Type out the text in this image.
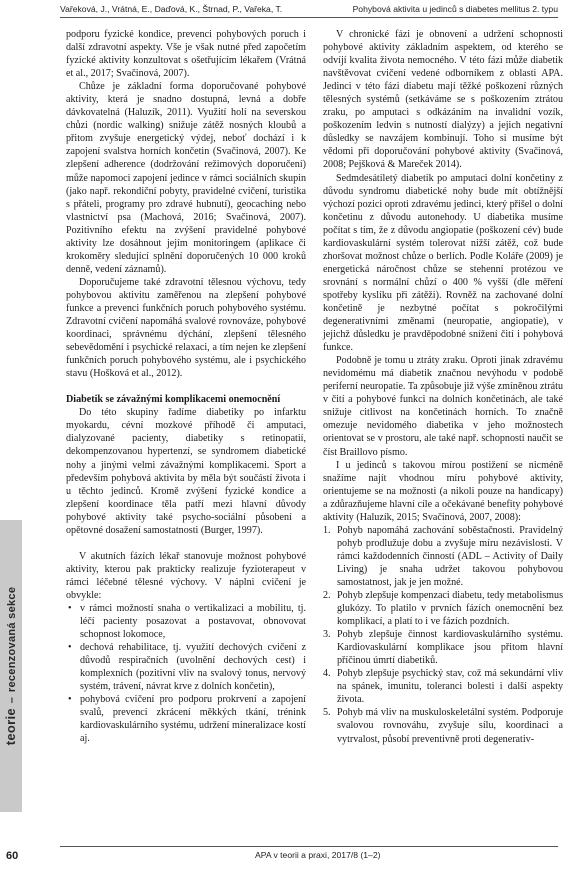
Vařeková, J., Vrátná, E., Daďová, K., Štrnad, P., Vařeka, T.	Pohybová aktivita u jedinců s diabetes mellitus 2. typu
teorie – recenzovaná sekce

podporu fyzické kondice, prevenci pohybových poruch i další zdravotní aspekty. Vše je však nutné před započetím fyzické aktivity konzultovat s ošetřujícím lékařem (Vrátná et al., 2017; Svačinová, 2007).

Chůze je základní forma doporučované pohybové aktivity, která je snadno dostupná, levná a dobře dávkovatelná (Haluzík, 2011). Využití holí na severskou chůzi (nordic walking) snižuje zátěž nosných kloubů a přitom zvyšuje energetický výdej, neboť dochází i k zapojení svalstva horních končetin (Svačinová, 2007). Ke zlepšení adherence (dodržování režimových doporučení) může napomoci zapojení jedince v rámci sociálních skupin (jako např. rekondiční pobyty, pravidelné cvičení, turistika s přáteli, programy pro zdravé hubnutí), geocaching nebo vlastnictví psa (Machová, 2016; Svačinová, 2007). Pozitivního efektu na zvýšení pravidelné pohybové aktivity lze dosáhnout jejím monitoringem (aplikace či krokoměry sledující splnění doporučených 10 000 kroků denně, vedení záznamů).

Doporučujeme také zdravotní tělesnou výchovu, tedy pohybovou aktivitu zaměřenou na zlepšení pohybové funkce a prevenci funkčních poruch pohybového systému. Zdravotní cvičení napomáhá svalové rovnováze, pohybové koordinaci, správnému dýchání, zlepšení tělesného sebevědomění i psychické relaxaci, a tím nejen ke zlepšení funkčních poruch pohybového systému, ale i psychického stavu (Hošková et al., 2012).

Diabetik se závažnými komplikacemi onemocnění

Do této skupiny řadíme diabetiky po infarktu myokardu, cévní mozkové příhodě či amputaci, dialyzované pacienty, diabetiky s retinopatií, dekompenzovanou hypertenzí, se syndromem diabetické nohy a jinými velmi závažnými komplikacemi. Sport a především pohybová aktivita by měla být součástí života i u těchto jedinců. Kromě zvýšení fyzické kondice a zlepšení koordinace těla patří mezi hlavní důvody pohybové aktivity také psycho-sociální působení a opětovné dosažení samostatnosti (Burger, 1997).

V akutních fázích lékař stanovuje možnost pohybové aktivity, kterou pak prakticky realizuje fyzioterapeut v rámci léčebné tělesné výchovy. V náplni cvičení je obvykle:

• v rámci možností snaha o vertikalizaci a mobilitu, tj. léčí pacienty posazovat a postavovat, obnovovat schopnost lokomoce,
• dechová rehabilitace, tj. využití dechových cvičení z důvodů respiračních (uvolnění dechových cest) i komplexních (pozitivní vliv na svalový tonus, nervový systém, trávení, návrat krve z dolních končetin),
• pohybová cvičení pro podporu prokrvení a zapojení svalů, prevenci zkrácení měkkých tkání, trénink kardiovaskulárního systému, udržení mineralizace kostí aj.

V chronické fázi je obnovení a udržení schopnosti pohybové aktivity základním aspektem, od kterého se odvíjí kvalita života nemocného. V této fázi může diabetik navštěvovat cvičení vedené odborníkem z oblasti APA. Jedinci v této fázi diabetu mají těžké poškození různých tělesných systémů (setkáváme se s poškozením ztrátou zraku, po amputaci s odkázáním na invalidní vozík, poškozením ledvin s nutností dialýzy) a jejich negativní důsledky se navzájem kombinují. Toho si musíme být vědomi při doporučování pohybové aktivity (Svačinová, 2008; Pejšková & Mareček 2014).

Sedmdesátiletý diabetik po amputaci dolní končetiny z důvodu syndromu diabetické nohy bude mít obtížnější výchozí pozici oproti zdravému jedinci, který přišel o dolní končetinu z důvodu autonehody. U diabetika musíme počítat s tím, že z důvodu angiopatie (poškození cév) bude kardiovaskulární systém tolerovat nižší zátěž, což bude zhoršovat možnost chůze o berlích. Podle Koláře (2009) je energetická náročnost chůze se stehenní protézou ve srovnání s normální chůzí o 400 % vyšší (dle měření spotřeby kyslíku při zátěži). Rovněž na zachované dolní končetině je nezbytné počítat s pokročilými degenerativními změnami (neuropatie, angiopatie), v jejichž důsledku je pravděpodobné snížení čití i pohybová funkce.

Podobně je tomu u ztráty zraku. Oproti jinak zdravému nevidomému má diabetik značnou nevýhodu v podobě periferní neuropatie. Ta způsobuje již výše zmíněnou ztrátu v čití a pohybové funkci na dolních končetinách, ale také snižuje citlivost na končetinách horních. To značně omezuje nevidomého diabetika v jeho možnostech orientovat se v prostoru, ale také např. schopnosti naučit se číst Braillovo písmo.

I u jedinců s takovou mírou postižení se nicméně snažíme najít vhodnou míru pohybové aktivity, orientujeme se na možnosti (a nikoli pouze na handicapy) a zdůrazňujeme hlavní cíle a očekávané benefity pohybové aktivity (Haluzík, 2015; Svačinová, 2007, 2008):

1. Pohyb napomáhá zachování soběstačnosti. Pravidelný pohyb prodlužuje dobu a zvyšuje míru nezávislosti. V rámci každodenních činností (ADL – Activity of Daily Living) je snaha udržet takovou pohybovou samostatnost, jak je jen možné.
2. Pohyb zlepšuje kompenzaci diabetu, tedy metabolismus glukózy. To platilo v prvních fázích onemocnění bez komplikací, a platí to i ve fázích pozdních.
3. Pohyb zlepšuje činnost kardiovaskulárního systému. Kardiovaskulární komplikace jsou přitom hlavní příčinou úmrtí diabetiků.
4. Pohyb zlepšuje psychický stav, což má sekundární vliv na spánek, imunitu, toleranci bolesti i další aspekty života.
5. Pohyb má vliv na muskuloskeletální systém. Podporuje svalovou rovnováhu, zvyšuje sílu, koordinaci a vytrvalost, působí preventivně proti degenerativ-
60	APA v teorii a praxi, 2017/8 (1–2)
